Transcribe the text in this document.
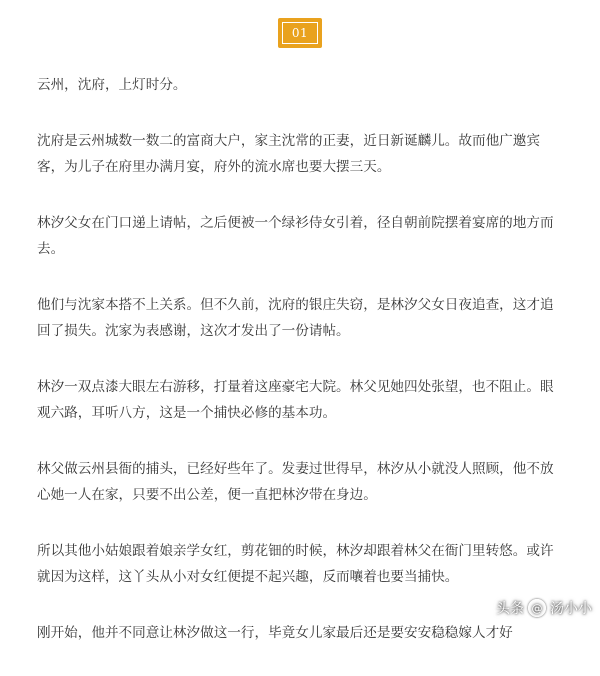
01

云州，沈府，上灯时分。

沈府是云州城数一数二的富商大户，家主沈常的正妻，近日新诞麟儿。故而他广邀宾客，为儿子在府里办满月宴，府外的流水席也要大摆三天。

林汐父女在门口递上请帖，之后便被一个绿衫侍女引着，径自朝前院摆着宴席的地方而去。

他们与沈家本搭不上关系。但不久前，沈府的银庄失窃，是林汐父女日夜追查，这才追回了损失。沈家为表感谢，这次才发出了一份请帖。

林汐一双点漆大眼左右游移，打量着这座豪宅大院。林父见她四处张望，也不阻止。眼观六路，耳听八方，这是一个捕快必修的基本功。

林父做云州县衙的捕头，已经好些年了。发妻过世得早，林汐从小就没人照顾，他不放心她一人在家，只要不出公差，便一直把林汐带在身边。

所以其他小姑娘跟着娘亲学女红，剪花钿的时候，林汐却跟着林父在衙门里转悠。或许就因为这样，这丫头从小对女红便提不起兴趣，反而嚷着也要当捕快。

刚开始，他并不同意让林汐做这一行，毕竟女儿家最后还是要安安稳稳嫁人才好

头条 @ 汤小小
